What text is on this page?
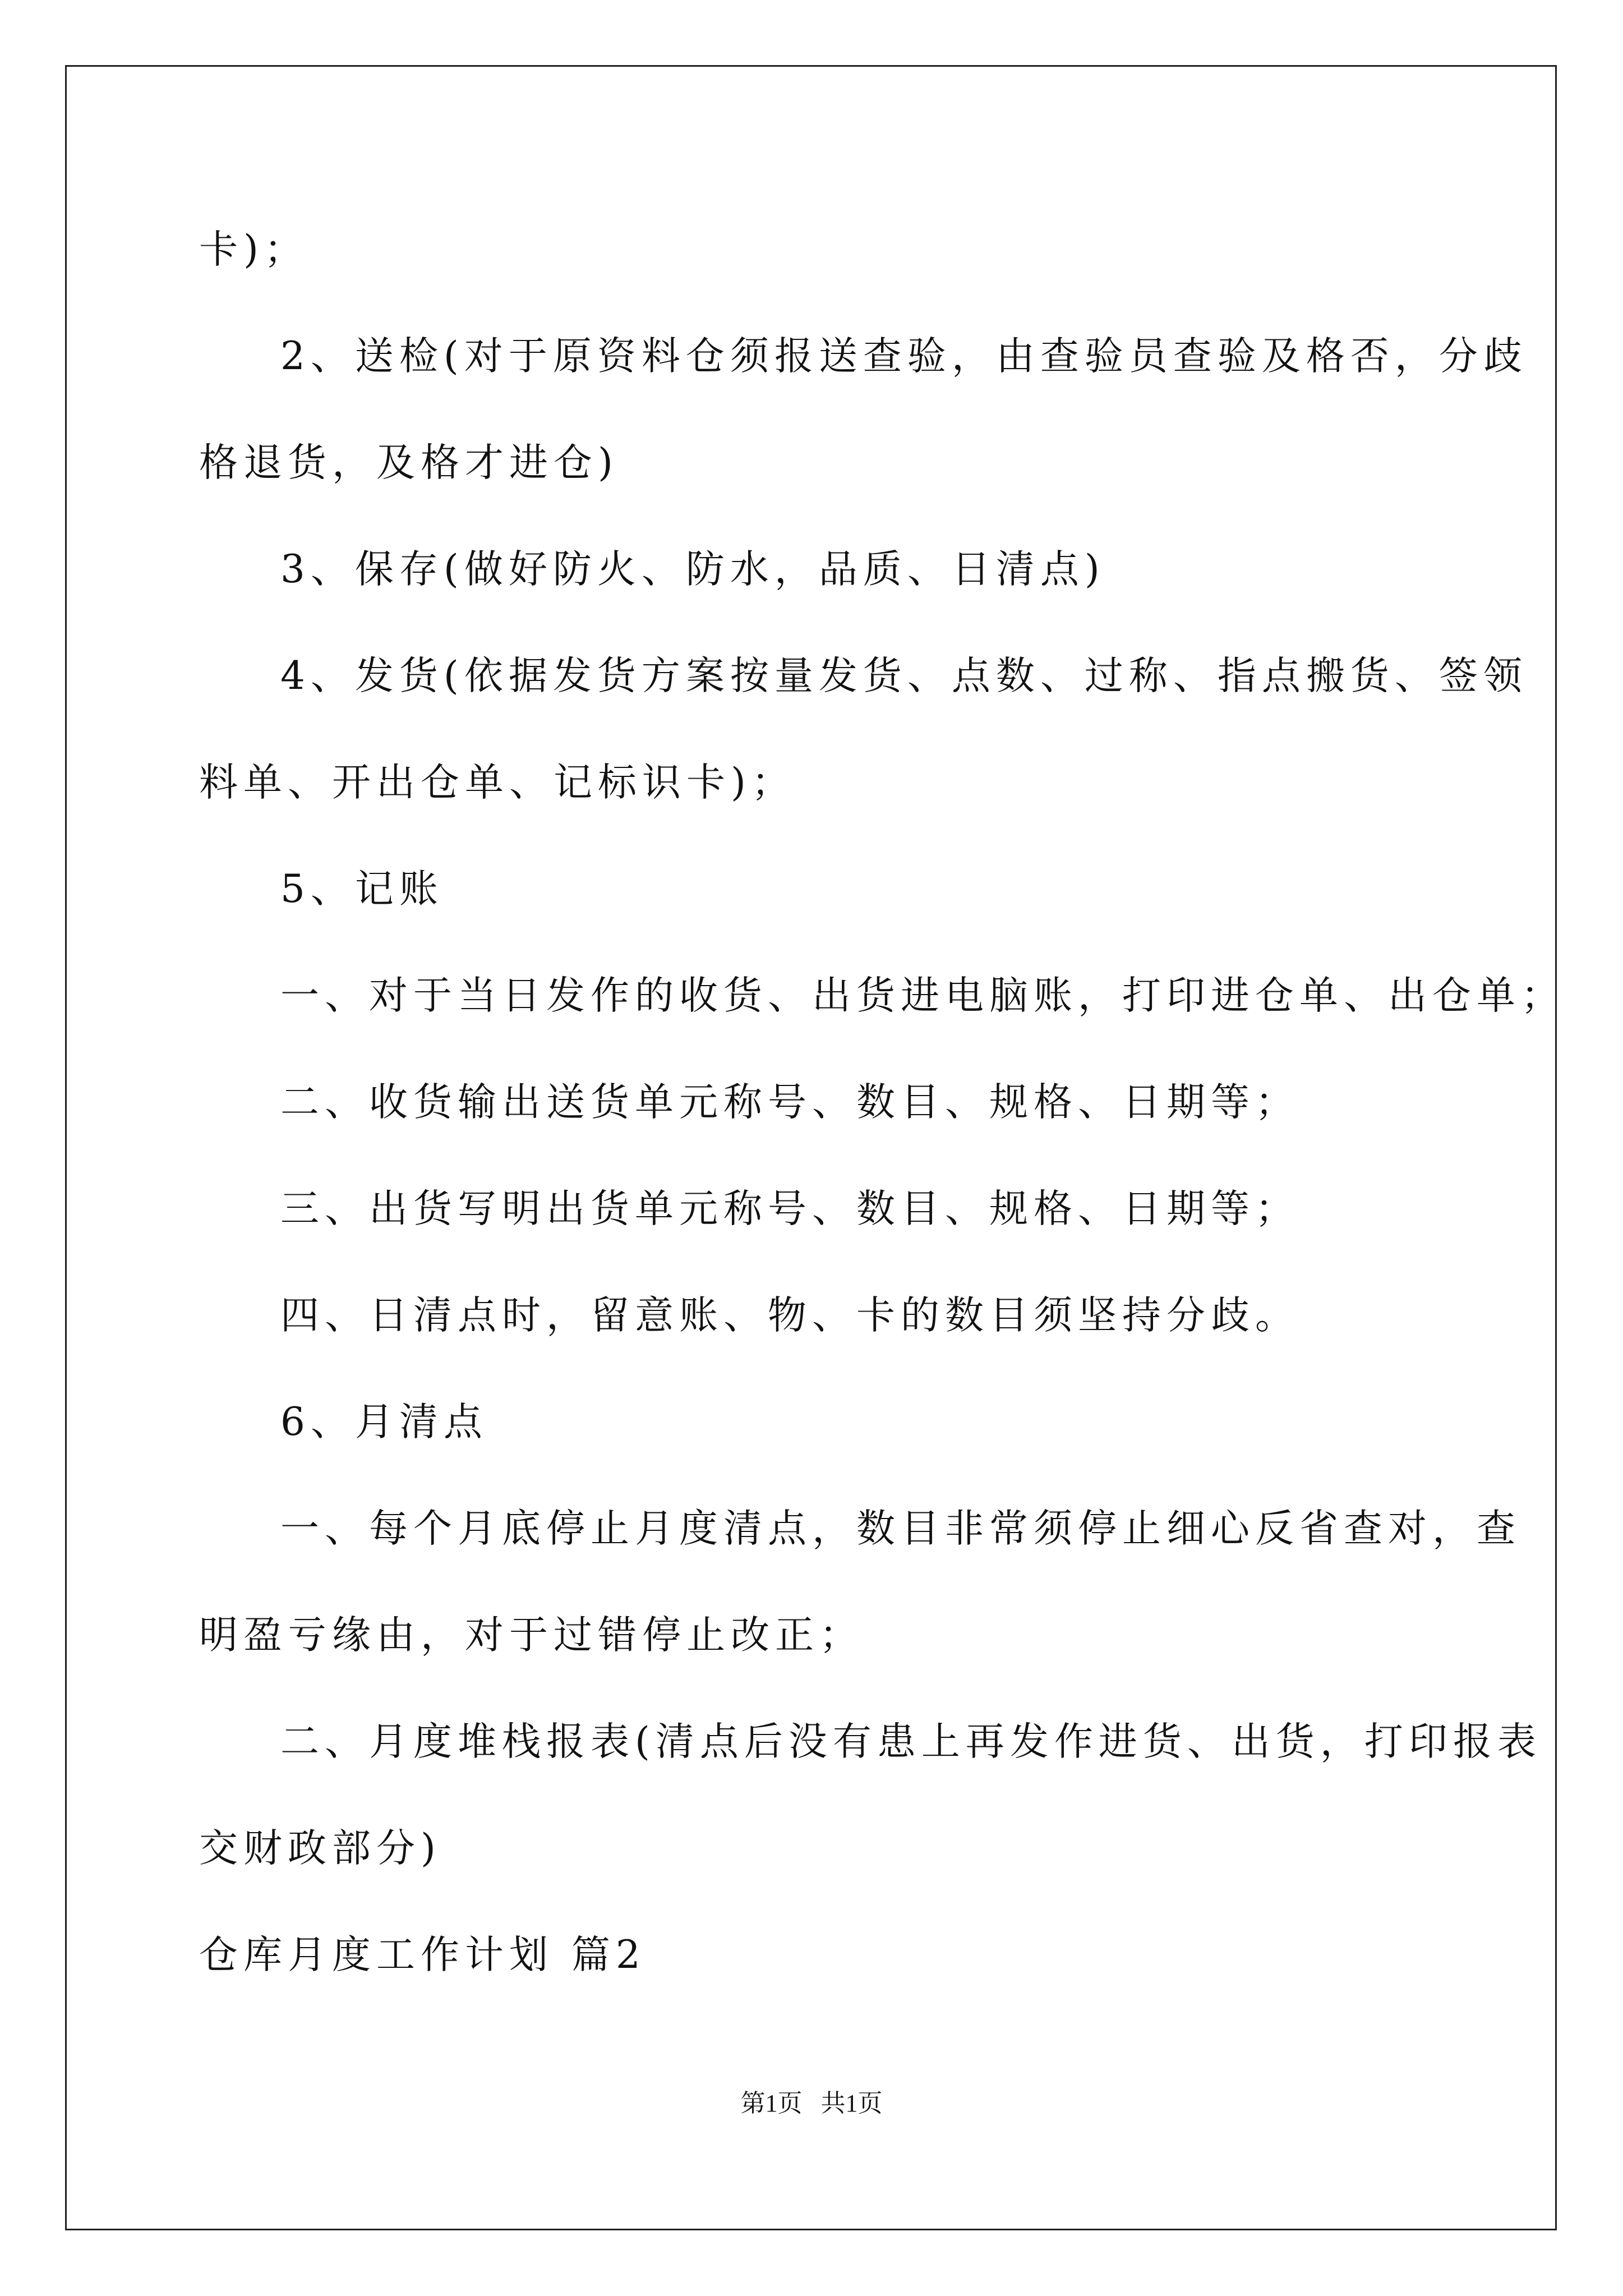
卡)；
2、送检(对于原资料仓须报送查验，由查验员查验及格否，分歧
格退货，及格才进仓)
3、保存(做好防火、防水，品质、日清点)
4、发货(依据发货方案按量发货、点数、过称、指点搬货、签领
料单、开出仓单、记标识卡)；
5、记账
一、对于当日发作的收货、出货进电脑账，打印进仓单、出仓单；
二、收货输出送货单元称号、数目、规格、日期等；
三、出货写明出货单元称号、数目、规格、日期等；
四、日清点时，留意账、物、卡的数目须坚持分歧。
6、月清点
一、每个月底停止月度清点，数目非常须停止细心反省查对，查
明盈亏缘由，对于过错停止改正；
二、月度堆栈报表(清点后没有患上再发作进货、出货，打印报表
交财政部分)
仓库月度工作计划 篇2
第1页   共1页
